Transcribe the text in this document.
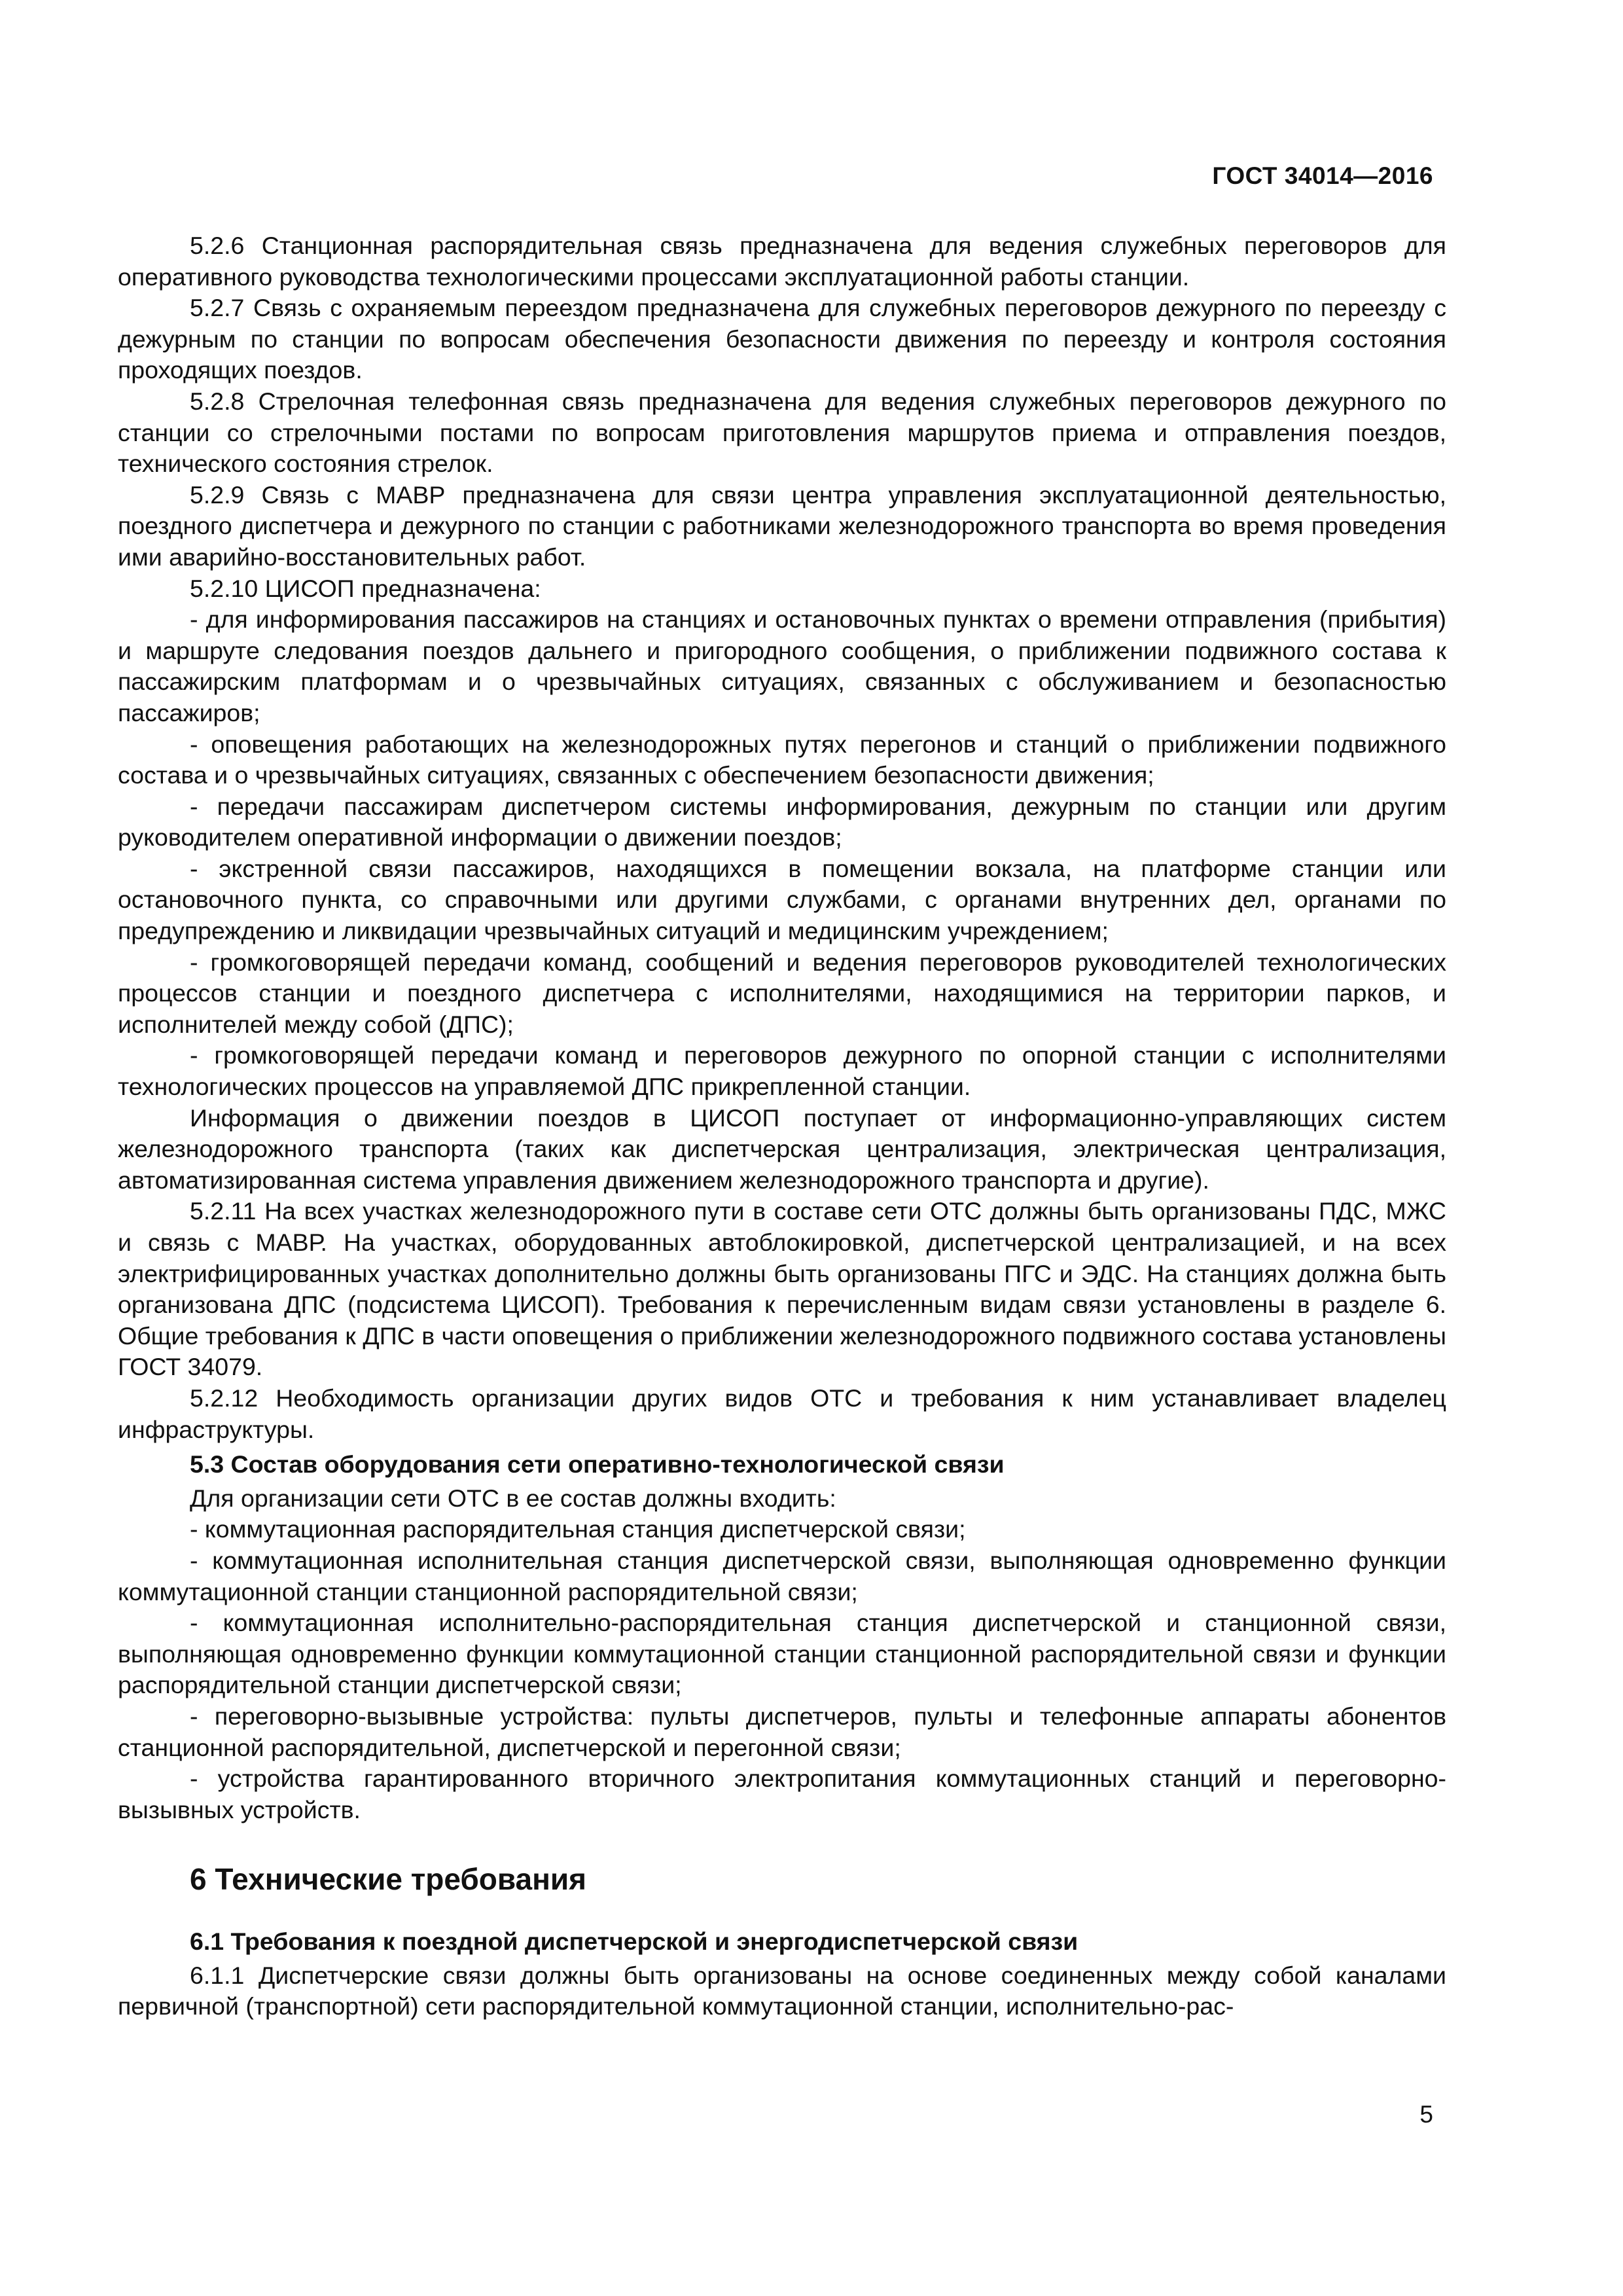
ГОСТ 34014—2016

5.2.6 Станционная распорядительная связь предназначена для ведения служебных переговоров для оперативного руководства технологическими процессами эксплуатационной работы станции.

5.2.7 Связь с охраняемым переездом предназначена для служебных переговоров дежурного по переезду с дежурным по станции по вопросам обеспечения безопасности движения по переезду и контроля состояния проходящих поездов.

5.2.8 Стрелочная телефонная связь предназначена для ведения служебных переговоров дежурного по станции со стрелочными постами по вопросам приготовления маршрутов приема и отправления поездов, технического состояния стрелок.

5.2.9 Связь с МАВР предназначена для связи центра управления эксплуатационной деятельностью, поездного диспетчера и дежурного по станции с работниками железнодорожного транспорта во время проведения ими аварийно-восстановительных работ.

5.2.10 ЦИСОП предназначена:

- для информирования пассажиров на станциях и остановочных пунктах о времени отправления (прибытия) и маршруте следования поездов дальнего и пригородного сообщения, о приближении подвижного состава к пассажирским платформам и о чрезвычайных ситуациях, связанных с обслуживанием и безопасностью пассажиров;

- оповещения работающих на железнодорожных путях перегонов и станций о приближении подвижного состава и о чрезвычайных ситуациях, связанных с обеспечением безопасности движения;

- передачи пассажирам диспетчером системы информирования, дежурным по станции или другим руководителем оперативной информации о движении поездов;

- экстренной связи пассажиров, находящихся в помещении вокзала, на платформе станции или остановочного пункта, со справочными или другими службами, с органами внутренних дел, органами по предупреждению и ликвидации чрезвычайных ситуаций и медицинским учреждением;

- громкоговорящей передачи команд, сообщений и ведения переговоров руководителей технологических процессов станции и поездного диспетчера с исполнителями, находящимися на территории парков, и исполнителей между собой (ДПС);

- громкоговорящей передачи команд и переговоров дежурного по опорной станции с исполнителями технологических процессов на управляемой ДПС прикрепленной станции.

Информация о движении поездов в ЦИСОП поступает от информационно-управляющих систем железнодорожного транспорта (таких как диспетчерская централизация, электрическая централизация, автоматизированная система управления движением железнодорожного транспорта и другие).

5.2.11 На всех участках железнодорожного пути в составе сети ОТС должны быть организованы ПДС, МЖС и связь с МАВР. На участках, оборудованных автоблокировкой, диспетчерской централизацией, и на всех электрифицированных участках дополнительно должны быть организованы ПГС и ЭДС. На станциях должна быть организована ДПС (подсистема ЦИСОП). Требования к перечисленным видам связи установлены в разделе 6. Общие требования к ДПС в части оповещения о приближении железнодорожного подвижного состава установлены ГОСТ 34079.

5.2.12 Необходимость организации других видов ОТС и требования к ним устанавливает владелец инфраструктуры.

5.3 Состав оборудования сети оперативно-технологической связи

Для организации сети ОТС в ее состав должны входить:

- коммутационная распорядительная станция диспетчерской связи;

- коммутационная исполнительная станция диспетчерской связи, выполняющая одновременно функции коммутационной станции станционной распорядительной связи;

- коммутационная исполнительно-распорядительная станция диспетчерской и станционной связи, выполняющая одновременно функции коммутационной станции станционной распорядительной связи и функции распорядительной станции диспетчерской связи;

- переговорно-вызывные устройства: пульты диспетчеров, пульты и телефонные аппараты абонентов станционной распорядительной, диспетчерской и перегонной связи;

- устройства гарантированного вторичного электропитания коммутационных станций и переговорно-вызывных устройств.

6 Технические требования
6.1 Требования к поездной диспетчерской и энергодиспетчерской связи

6.1.1 Диспетчерские связи должны быть организованы на основе соединенных между собой каналами первичной (транспортной) сети распорядительной коммутационной станции, исполнительно-рас-

5
